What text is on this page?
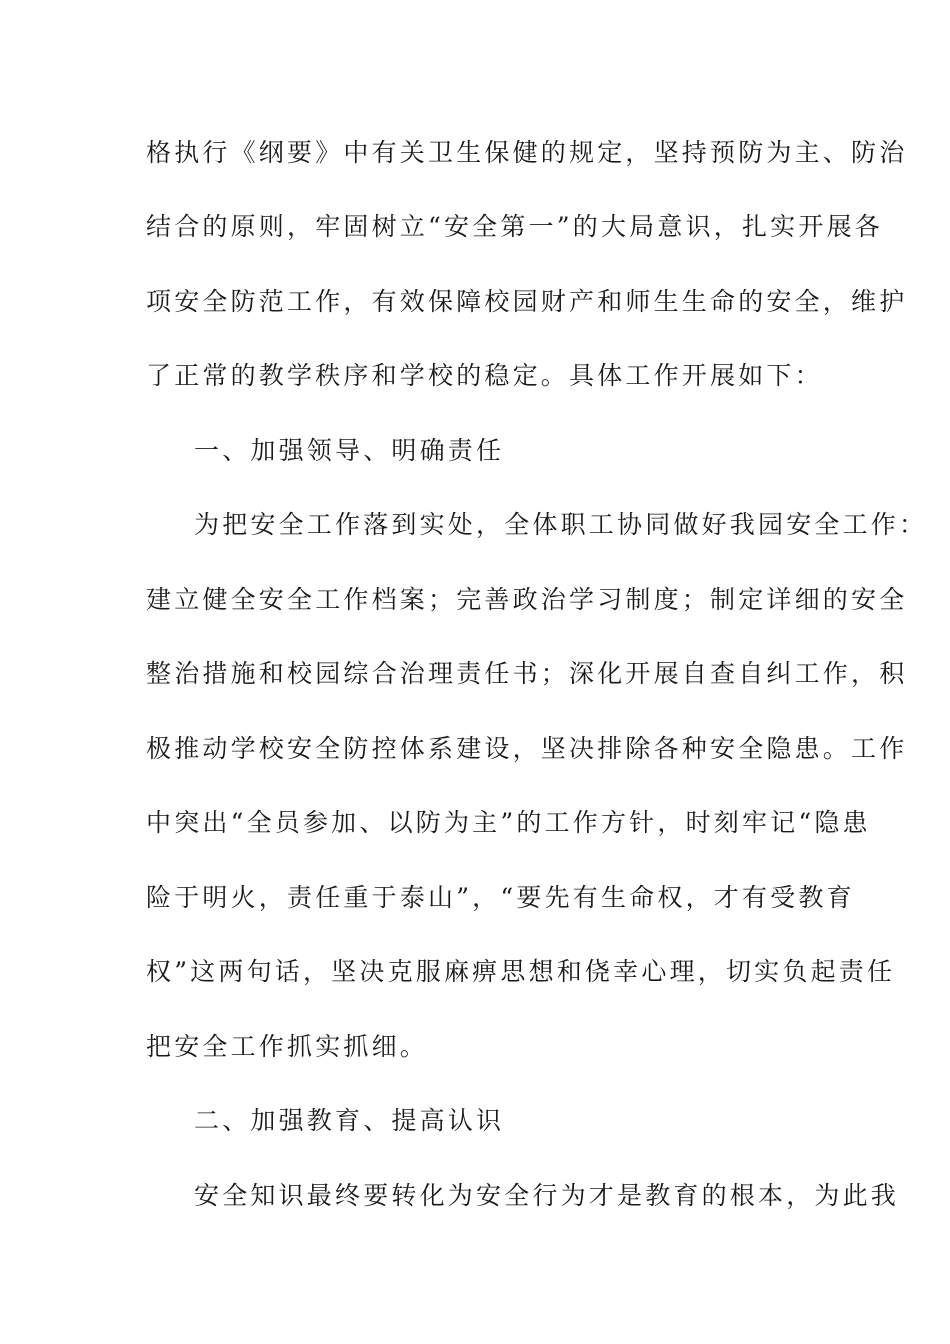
格执行《纲要》中有关卫生保健的规定，坚持预防为主、防治
结合的原则，牢固树立“安全第一”的大局意识，扎实开展各
项安全防范工作，有效保障校园财产和师生生命的安全，维护
了正常的教学秩序和学校的稳定。具体工作开展如下：
一、加强领导、明确责任
为把安全工作落到实处，全体职工协同做好我园安全工作：
建立健全安全工作档案；完善政治学习制度；制定详细的安全
整治措施和校园综合治理责任书；深化开展自查自纠工作，积
极推动学校安全防控体系建设，坚决排除各种安全隐患。工作
中突出“全员参加、以防为主”的工作方针，时刻牢记“隐患
险于明火，责任重于泰山”，“要先有生命权，才有受教育
权”这两句话，坚决克服麻痹思想和侥幸心理，切实负起责任
把安全工作抓实抓细。
二、加强教育、提高认识
安全知识最终要转化为安全行为才是教育的根本，为此我
